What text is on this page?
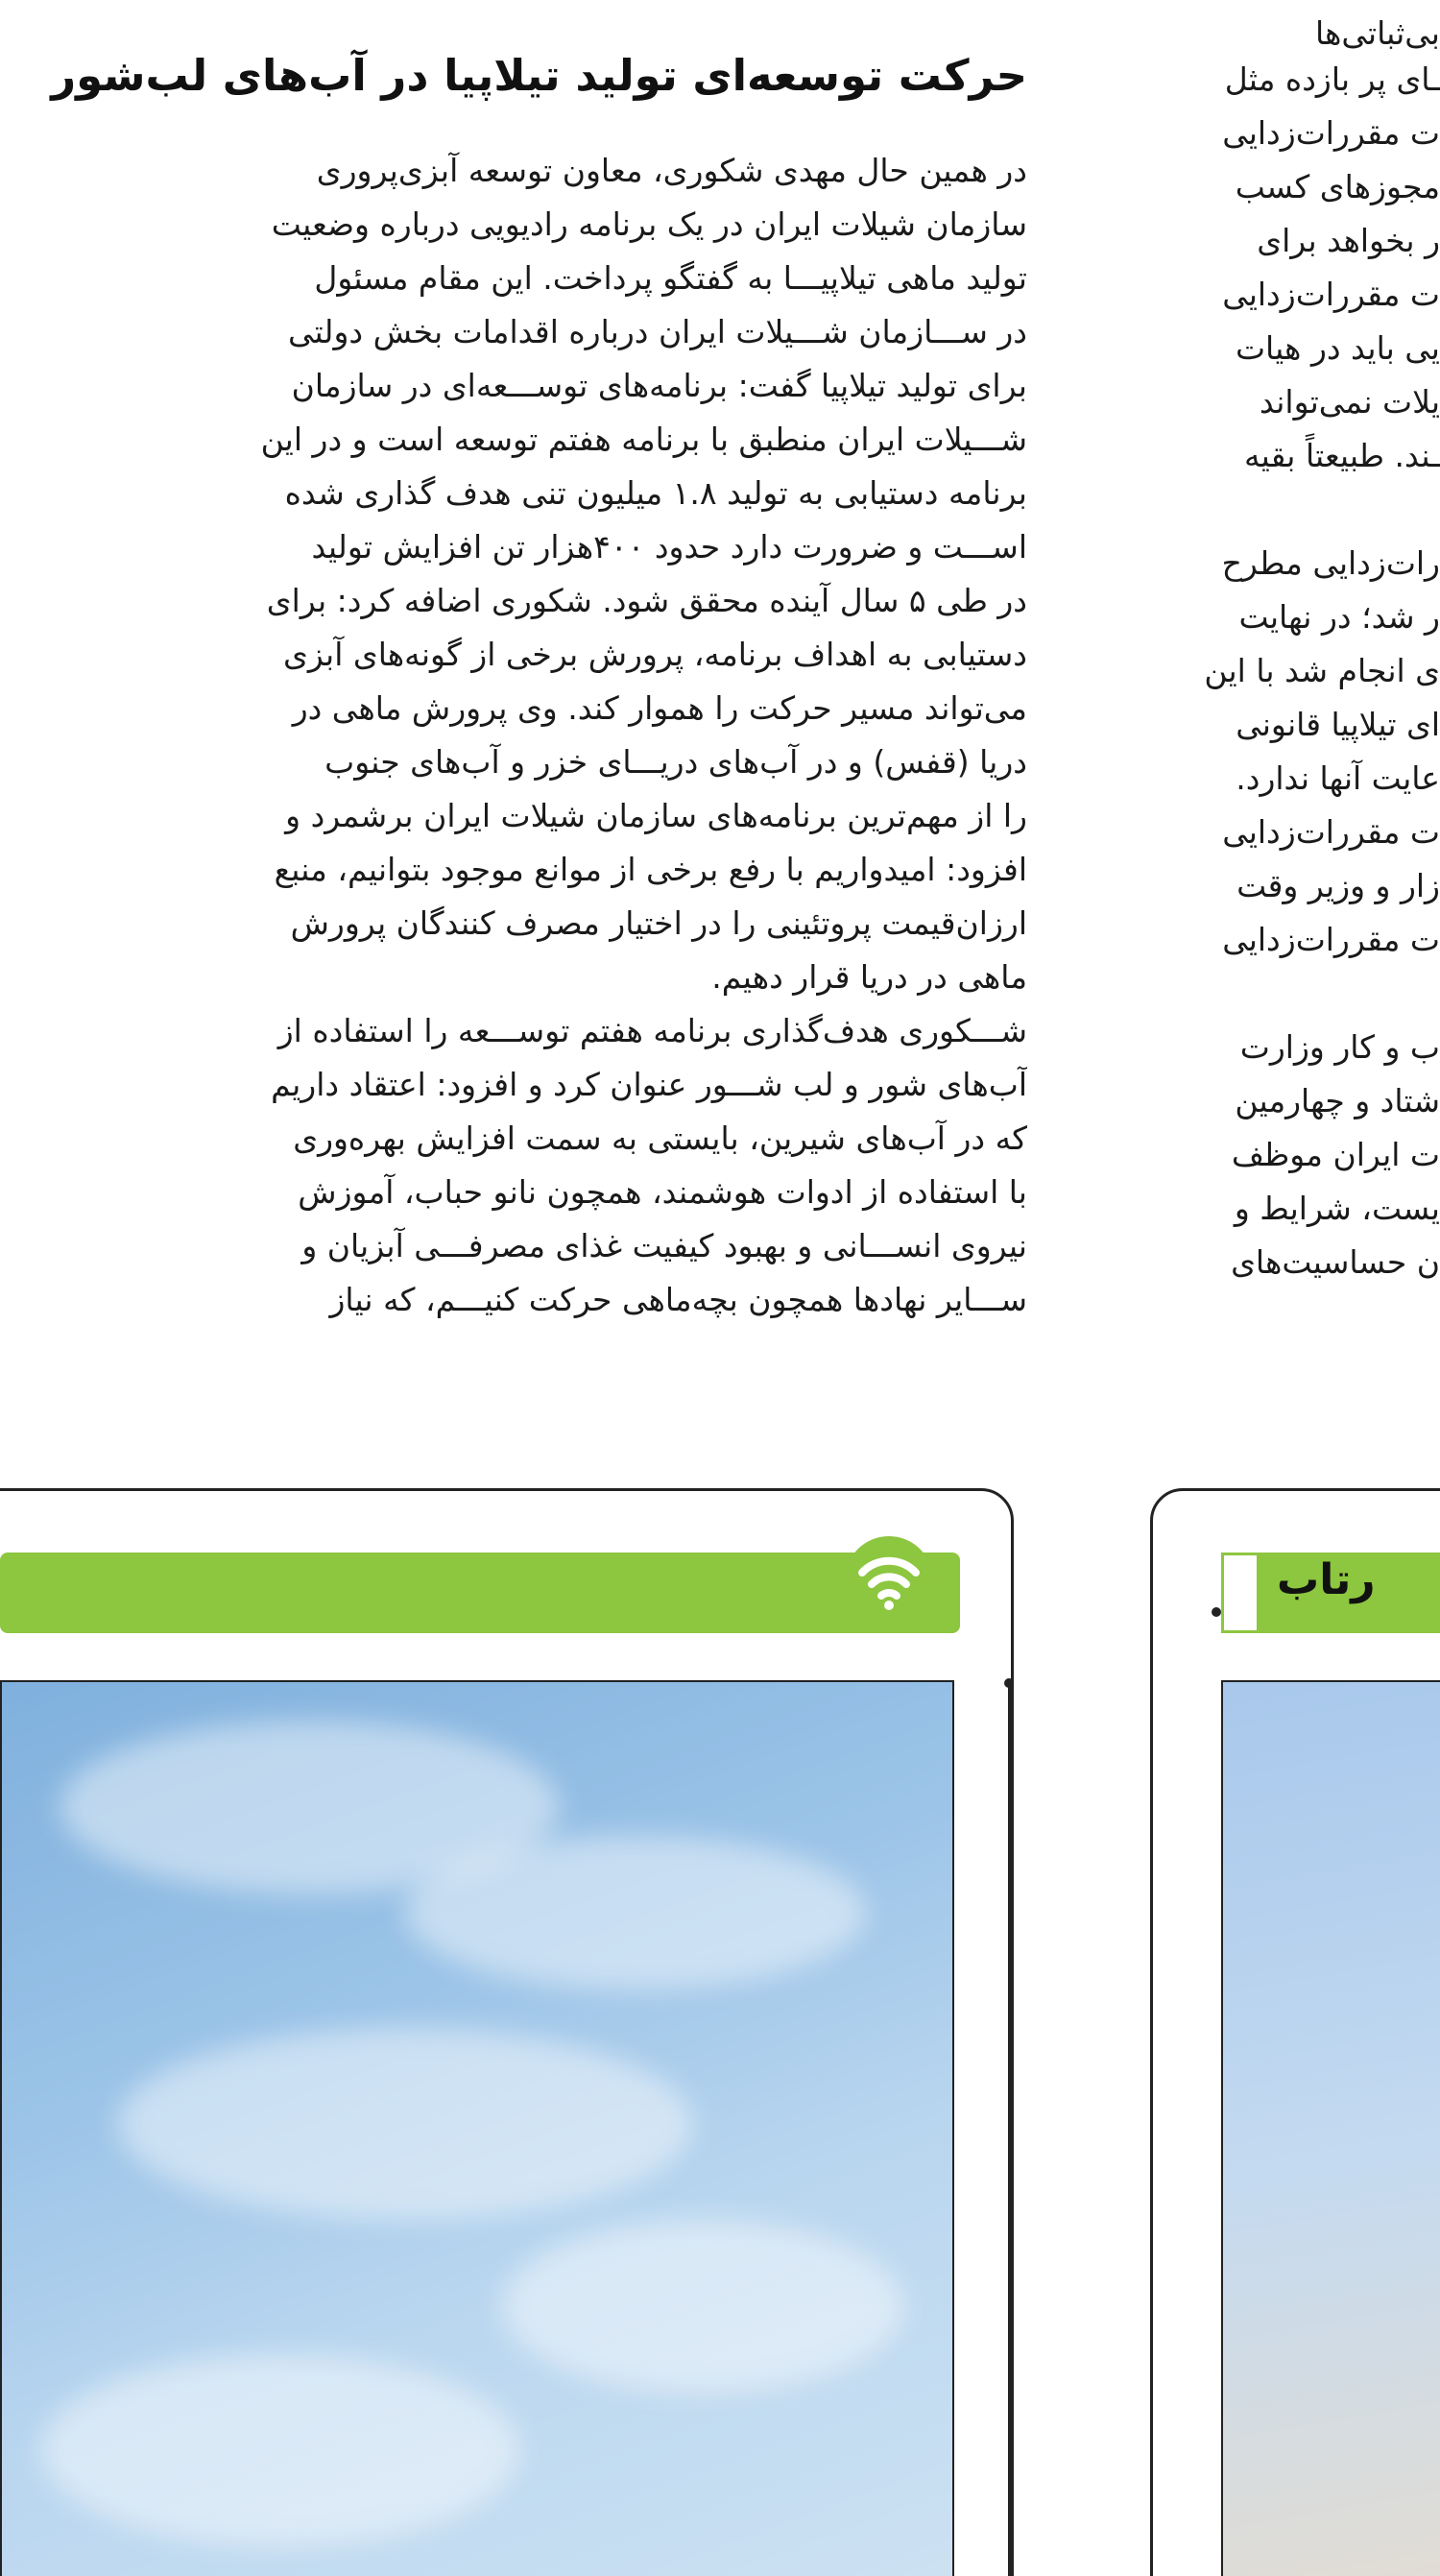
حرکت توسعه‌ای تولید تیلاپیا در آب‌های لب‌شور
در همین حال مهدی شکوری، معاون توسعه آبزی‌پروری
سازمان شیلات ایران در یک برنامه رادیویی درباره وضعیت
تولید ماهی تیلاپیـــا به گفتگو پرداخت. این مقام مسئول
در ســـازمان شـــیلات ایران درباره اقدامات بخش دولتی
برای تولید تیلاپیا گفت: برنامه‌های توســـعه‌ای در سازمان
شـــیلات ایران منطبق با برنامه هفتم توسعه است و در این
برنامه دستیابی به تولید ۱.۸ میلیون تنی هدف گذاری شده
اســـت و ضرورت دارد حدود ۴۰۰هزار تن افزایش تولید
در طی ۵ سال آینده محقق شود. شکوری اضافه کرد: برای
دستیابی به اهداف برنامه، پرورش برخی از گونه‌های آبزی
می‌تواند مسیر حرکت را هموار کند. وی پرورش ماهی در
دریا (قفس) و در آب‌های دریـــای خزر و آب‌های جنوب
را از مهم‌ترین برنامه‌های سازمان شیلات ایران برشمرد و
افزود: امیدواریم با رفع برخی از موانع موجود بتوانیم، منبع
ارزان‌قیمت پروتئینی را در اختیار مصرف کنندگان پرورش
ماهی در دریا قرار دهیم.
شـــکوری هدف‌گذاری برنامه هفتم توســـعه را استفاده از
آب‌های شور و لب شـــور عنوان کرد و افزود: اعتقاد داریم
که در آب‌های شیرین، بایستی به سمت افزایش بهره‌وری
با استفاده از ادوات هوشمند، همچون نانو حباب، آموزش
نیروی انســـانی و بهبود کیفیت غذای مصرفـــی آبزیان و
ســـایر نهادها همچون بچه‌ماهی حرکت کنیـــم، که نیاز
بی‌ثباتی‌ها
ـای پر بازده مثل
ت مقررات‌زدایی
مجوزهای کسب
ر بخواهد برای
ت مقررات‌زدایی
یی باید در هیات
یلات نمی‌تواند
ـند. طبیعتاً بقیه
رات‌زدایی مطرح
ر شد؛ در نهایت
ی انجام شد با این
ای تیلاپیا قانونی
عایت آنها ندارد.
ت مقررات‌زدایی
زار و وزیر وقت
ت مقررات‌زدایی
ب و کار وزارت
شتاد و چهارمین
ت ایران موظف
یست، شرایط و
ن حساسیت‌های
رتاب
